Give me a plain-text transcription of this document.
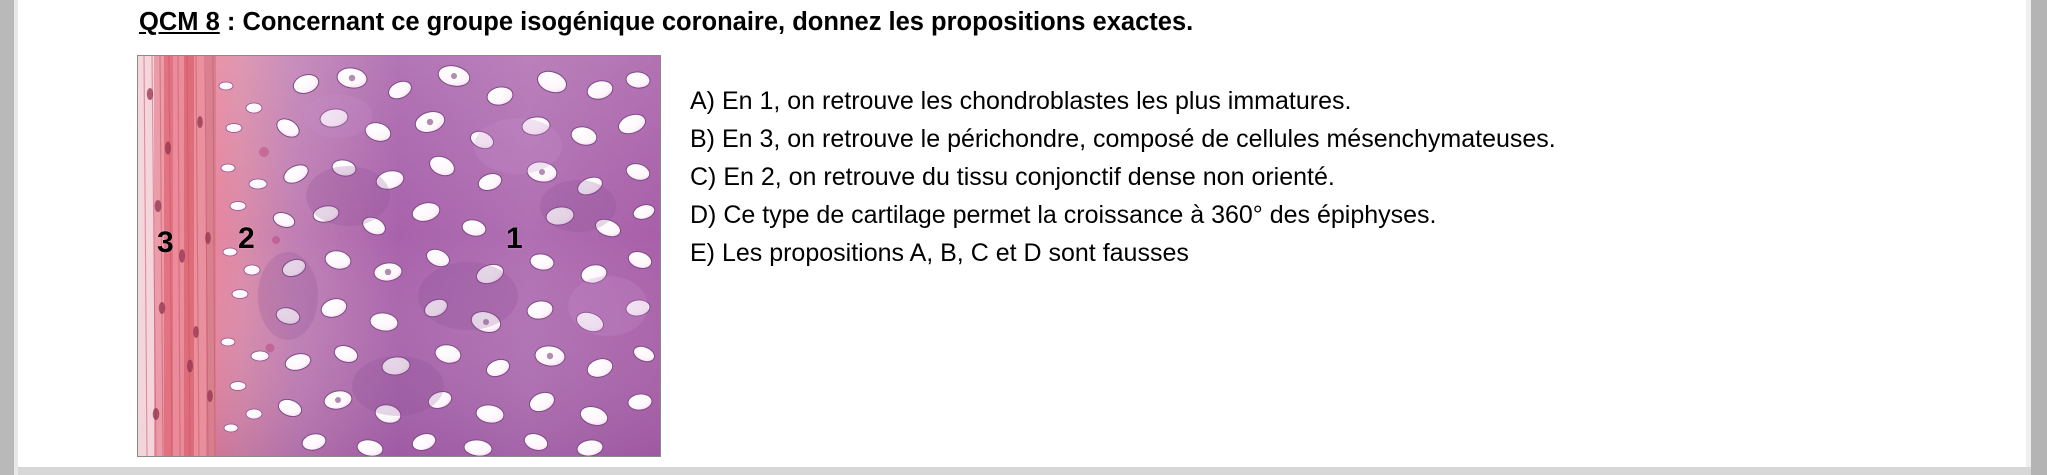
QCM 8 : Concernant ce groupe isogénique coronaire, donnez les propositions exactes.
3 2	1
A) En 1, on retrouve les chondroblastes les plus immatures.
B) En 3, on retrouve le périchondre, composé de cellules mésenchymateuses.
C) En 2, on retrouve du tissu conjonctif dense non orienté.
D) Ce type de cartilage permet la croissance à 360° des épiphyses.
E) Les propositions A, B, C et D sont fausses
